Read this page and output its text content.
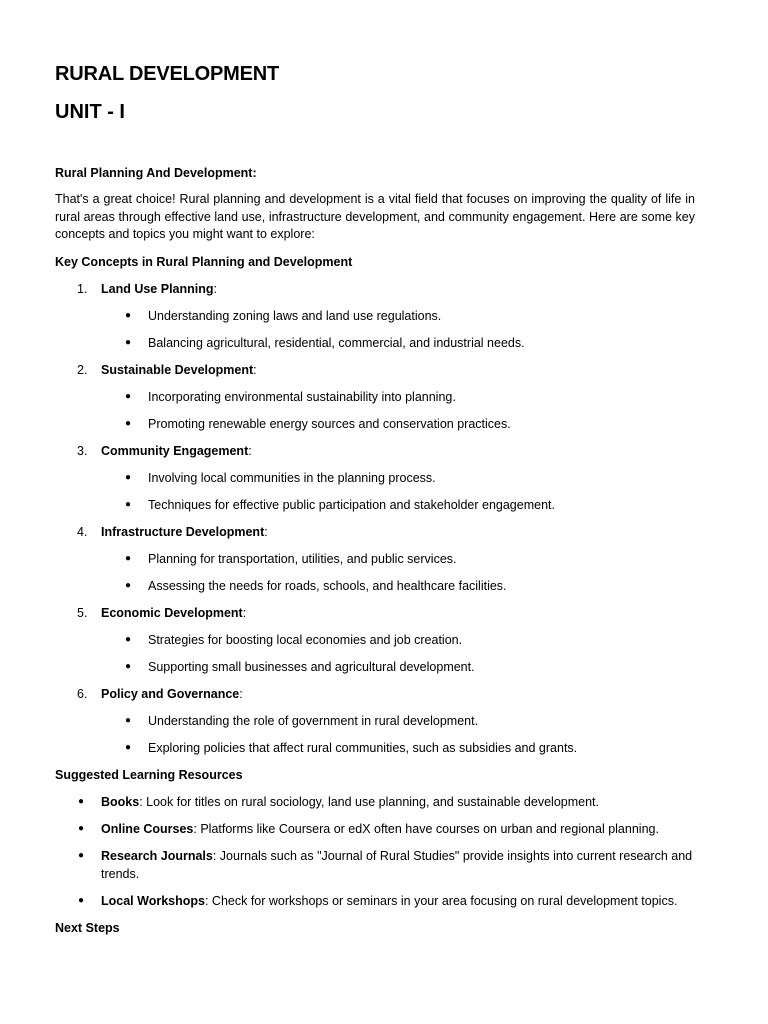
RURAL DEVELOPMENT
UNIT - I

Rural Planning And Development:

That's a great choice! Rural planning and development is a vital field that focuses on improving the quality of life in rural areas through effective land use, infrastructure development, and community engagement. Here are some key concepts and topics you might want to explore:

Key Concepts in Rural Planning and Development

1.	Land Use Planning:
●	Understanding zoning laws and land use regulations.
●	Balancing agricultural, residential, commercial, and industrial needs.
2.	Sustainable Development:
●	Incorporating environmental sustainability into planning.
●	Promoting renewable energy sources and conservation practices.
3.	Community Engagement:
●	Involving local communities in the planning process.
●	Techniques for effective public participation and stakeholder engagement.
4.	Infrastructure Development:
●	Planning for transportation, utilities, and public services.
●	Assessing the needs for roads, schools, and healthcare facilities.
5.	Economic Development:
●	Strategies for boosting local economies and job creation.
●	Supporting small businesses and agricultural development.
6.	Policy and Governance:
●	Understanding the role of government in rural development.
●	Exploring policies that affect rural communities, such as subsidies and grants.

Suggested Learning Resources

●	Books: Look for titles on rural sociology, land use planning, and sustainable development.
●	Online Courses: Platforms like Coursera or edX often have courses on urban and regional planning.
●	Research Journals: Journals such as "Journal of Rural Studies" provide insights into current research and trends.
●	Local Workshops: Check for workshops or seminars in your area focusing on rural development topics.

Next Steps
